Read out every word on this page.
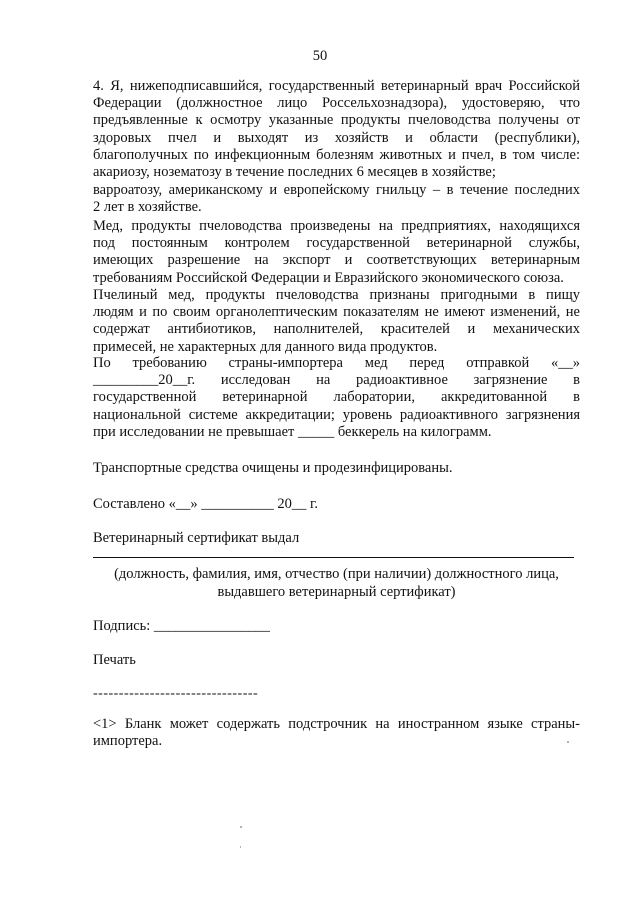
50

4. Я, нижеподписавшийся, государственный ветеринарный врач Российской

Федерации (должностное лицо Россельхознадзора), удостоверяю, что

предъявленные к осмотру указанные продукты пчеловодства получены от

здоровых пчел и выходят из хозяйств и области (республики),

благополучных по инфекционным болезням животных и пчел, в том числе:

акариозу, нозематозу в течение последних 6 месяцев в хозяйстве;

варроатозу, американскому и европейскому гнильцу – в течение последних

2 лет в хозяйстве.

Мед, продукты пчеловодства произведены на предприятиях, находящихся

под постоянным контролем государственной ветеринарной службы,

имеющих разрешение на экспорт и соответствующих ветеринарным

требованиям Российской Федерации и Евразийского экономического союза.

Пчелиный мед, продукты пчеловодства признаны пригодными в пищу

людям и по своим органолептическим показателям не имеют изменений, не

содержат антибиотиков, наполнителей, красителей и механических

примесей, не характерных для данного вида продуктов.

По требованию страны-импортера мед перед отправкой «__»

_________20__г. исследован на радиоактивное загрязнение в

государственной ветеринарной лаборатории, аккредитованной в

национальной системе аккредитации; уровень радиоактивного загрязнения

при исследовании не превышает _____ беккерель на килограмм.

Транспортные средства очищены и продезинфицированы.
Составлено «__» __________ 20__ г.
Ветеринарный сертификат выдал
(должность, фамилия, имя, отчество (при наличии) должностного лица,
выдавшего ветеринарный сертификат)
Подпись: ________________
Печать
--------------------------------

<1> Бланк может содержать подстрочник на иностранном языке страны-

импортера.
